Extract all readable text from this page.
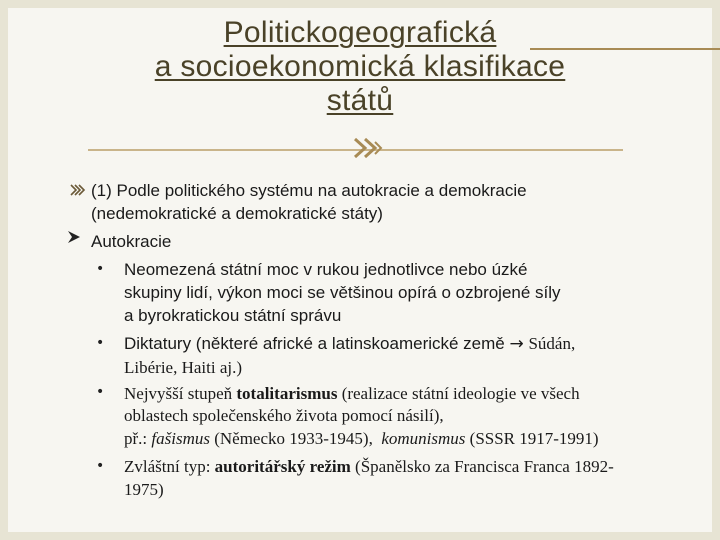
Politickogeografická
a socioekonomická klasifikace
států
(1) Podle politického systému na autokracie a demokracie
(nedemokratické a demokratické státy)
Autokracie
• Neomezená státní moc v rukou jednotlivce nebo úzké
skupiny lidí, výkon moci se většinou opírá o ozbrojené síly
a byrokratickou státní správu
• Diktatury (některé africké a latinskoamerické země → Súdán,
Libérie, Haiti aj.)
• Nejvyšší stupeň totalitarismus (realizace státní ideologie ve všech
oblastech společenského života pomocí násilí),
př.: fašismus (Německo 1933-1945),  komunismus (SSSR 1917-1991)
• Zvláštní typ: autoritářský režim (Španělsko za Francisca Franca 1892-
1975)
